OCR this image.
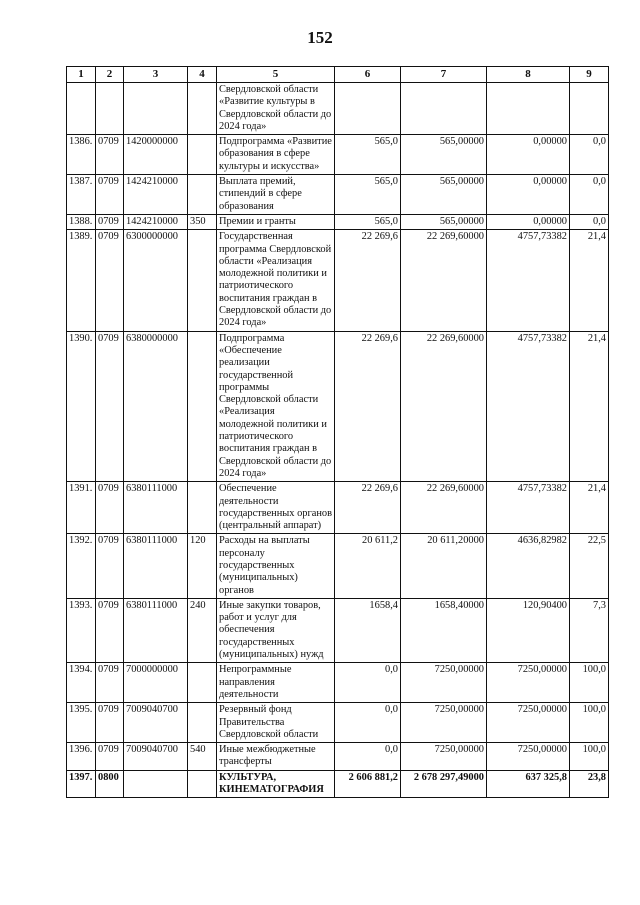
152
1	2	3	4	5	6	7	8	9
				Свердловской области «Развитие культуры в Свердловской области до 2024 года»				
1386.	0709	1420000000		Подпрограмма «Развитие образования в сфере культуры и искусства»	565,0	565,00000	0,00000	0,0
1387.	0709	1424210000		Выплата премий, стипендий в сфере образования	565,0	565,00000	0,00000	0,0
1388.	0709	1424210000	350	Премии и гранты	565,0	565,00000	0,00000	0,0
1389.	0709	6300000000		Государственная программа Свердловской области «Реализация молодежной политики и патриотического воспитания граждан в Свердловской области до 2024 года»	22 269,6	22 269,60000	4757,73382	21,4
1390.	0709	6380000000		Подпрограмма «Обеспечение реализации государственной программы Свердловской области «Реализация молодежной политики и патриотического воспитания граждан в Свердловской области до 2024 года»	22 269,6	22 269,60000	4757,73382	21,4
1391.	0709	6380111000		Обеспечение деятельности государственных органов (центральный аппарат)	22 269,6	22 269,60000	4757,73382	21,4
1392.	0709	6380111000	120	Расходы на выплаты персоналу государственных (муниципальных) органов	20 611,2	20 611,20000	4636,82982	22,5
1393.	0709	6380111000	240	Иные закупки товаров, работ и услуг для обеспечения государственных (муниципальных) нужд	1658,4	1658,40000	120,90400	7,3
1394.	0709	7000000000		Непрограммные направления деятельности	0,0	7250,00000	7250,00000	100,0
1395.	0709	7009040700		Резервный фонд Правительства Свердловской области	0,0	7250,00000	7250,00000	100,0
1396.	0709	7009040700	540	Иные межбюджетные трансферты	0,0	7250,00000	7250,00000	100,0
1397.	0800			КУЛЬТУРА, КИНЕМАТОГРАФИЯ	2 606 881,2	2 678 297,49000	637 325,8	23,8
